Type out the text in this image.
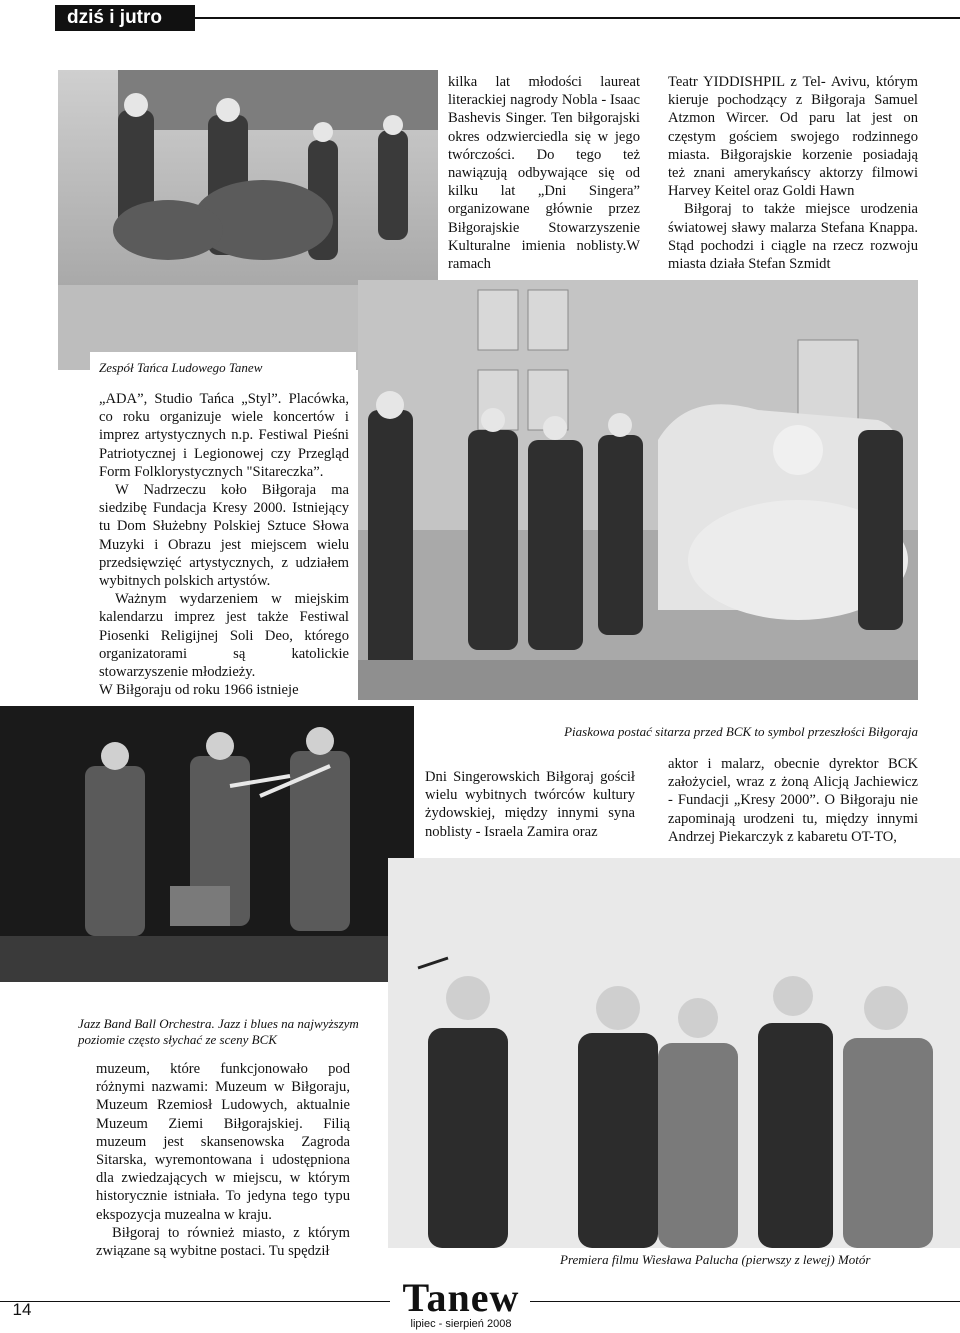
dziś i jutro

kilka lat młodości laureat literackiej nagrody Nobla - Isaac Bashevis Singer. Ten biłgorajski okres odzwierciedla się w jego twórczości. Do tego też nawiązują odbywające się od kilku lat „Dni Singera” organizowane głównie przez Biłgorajskie Stowarzyszenie Kulturalne imienia noblisty.W ramach

Teatr YIDDISHPIL z Tel- Avivu, którym kieruje pochodzący z Biłgoraja Samuel Atzmon Wircer. Od paru lat jest on częstym gościem swojego rodzinnego miasta. Biłgorajskie korzenie posiadają też znani amerykańscy aktorzy filmowi Harvey Keitel oraz Goldi Hawn

Biłgoraj to także miejsce urodzenia światowej sławy malarza Stefana Knappa. Stąd pochodzi i ciągle na rzecz rozwoju miasta działa Stefan Szmidt

Zespół Tańca Ludowego Tanew

„ADA”, Studio Tańca „Styl”. Placówka, co roku organizuje wiele koncertów i imprez artystycznych n.p. Festiwal Pieśni Patriotycznej i Legionowej czy Przegląd Form Folklorystycznych "Sitareczka”.

W Nadrzeczu koło Biłgoraja ma siedzibę Fundacja Kresy 2000. Istniejący tu Dom Służebny Polskiej Sztuce Słowa Muzyki i Obrazu jest miejscem wielu przedsięwzięć artystycznych, z udziałem wybitnych polskich artystów.

Ważnym wydarzeniem w miejskim kalendarzu imprez jest także Festiwal Piosenki Religijnej Soli Deo, którego organizatorami są katolickie stowarzyszenie młodzieży.

W Biłgoraju od roku 1966 istnieje

Piaskowa postać sitarza przed BCK to symbol przeszłości Biłgoraja

Dni Singerowskich Biłgoraj gościł wielu wybitnych twórców kultury żydowskiej, między innymi syna noblisty - Israela Zamira oraz

aktor i malarz, obecnie dyrektor BCK założyciel, wraz z żoną Alicją Jachiewicz - Fundacji „Kresy 2000”. O Biłgoraju nie zapominają urodzeni tu, między innymi Andrzej Piekarczyk z kabaretu OT-TO,

Jazz Band Ball Orchestra. Jazz i blues na najwyższym poziomie często słychać ze sceny BCK

muzeum, które funkcjonowało pod różnymi nazwami: Muzeum w Biłgoraju, Muzeum Rzemiosł Ludowych, aktualnie Muzeum Ziemi Biłgorajskiej. Filią muzeum jest skansenowska Zagroda Sitarska, wyremontowana i udostępniona dla zwiedzających w miejscu, w którym historycznie istniała. To jedyna tego typu ekspozycja muzealna w kraju.

Biłgoraj to również miasto, z którym związane są wybitne postaci. Tu spędził

Premiera filmu Wiesława Palucha (pierwszy z lewej) Motór
14	Tanew
lipiec - sierpień 2008
